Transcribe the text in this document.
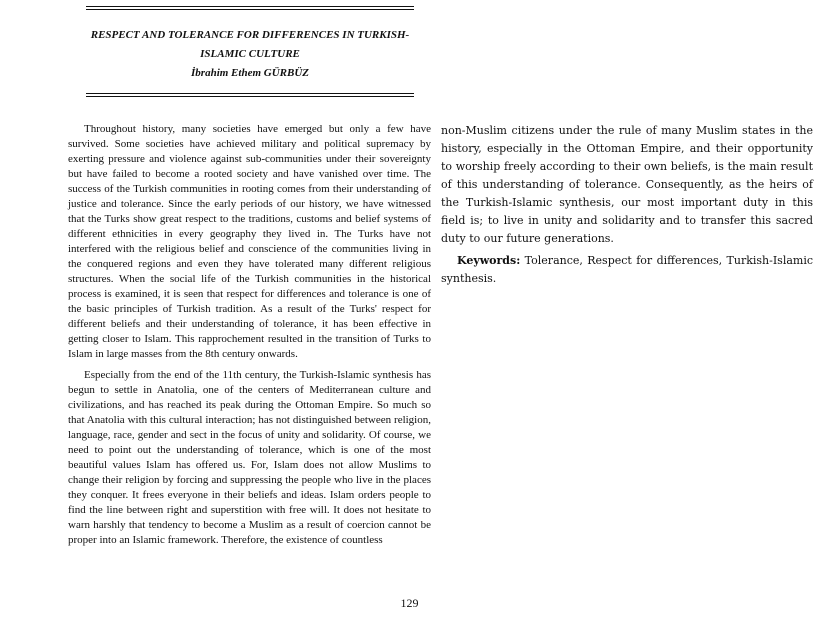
RESPECT AND TOLERANCE FOR DIFFERENCES IN TURKISH-
ISLAMIC CULTURE
İbrahim Ethem GÜRBÜZ

Throughout history, many societies have emerged but only a few have survived. Some societies have achieved military and political supremacy by exerting pressure and violence against sub-communities under their sovereignty but have failed to become a rooted society and have vanished over time. The success of the Turkish communities in rooting comes from their understanding of justice and tolerance. Since the early periods of our history, we have witnessed that the Turks show great respect to the traditions, customs and belief systems of different ethnicities in every geography they lived in. The Turks have not interfered with the religious belief and conscience of the communities living in the conquered regions and even they have tolerated many different religious structures. When the social life of the Turkish communities in the historical process is examined, it is seen that respect for differences and tolerance is one of the basic principles of Turkish tradition. As a result of the Turks' respect for different beliefs and their understanding of tolerance, it has been effective in getting closer to Islam. This rapprochement resulted in the transition of Turks to Islam in large masses from the 8th century onwards.

Especially from the end of the 11th century, the Turkish-Islamic synthesis has begun to settle in Anatolia, one of the centers of Mediterranean culture and civilizations, and has reached its peak during the Ottoman Empire. So much so that Anatolia with this cultural interaction; has not distinguished between religion, language, race, gender and sect in the focus of unity and solidarity. Of course, we need to point out the understanding of tolerance, which is one of the most beautiful values Islam has offered us. For, Islam does not allow Muslims to change their religion by forcing and suppressing the people who live in the places they conquer. It frees everyone in their beliefs and ideas. Islam orders people to find the line between right and superstition with free will. It does not hesitate to warn harshly that tendency to become a Muslim as a result of coercion cannot be proper into an Islamic framework. Therefore, the existence of countless

non-Muslim citizens under the rule of many Muslim states in the history, especially in the Ottoman Empire, and their opportunity to worship freely according to their own beliefs, is the main result of this understanding of tolerance. Consequently, as the heirs of the Turkish-Islamic synthesis, our most important duty in this field is; to live in unity and solidarity and to transfer this sacred duty to our future generations.

Keywords: Tolerance, Respect for differences, Turkish-Islamic synthesis.

129
